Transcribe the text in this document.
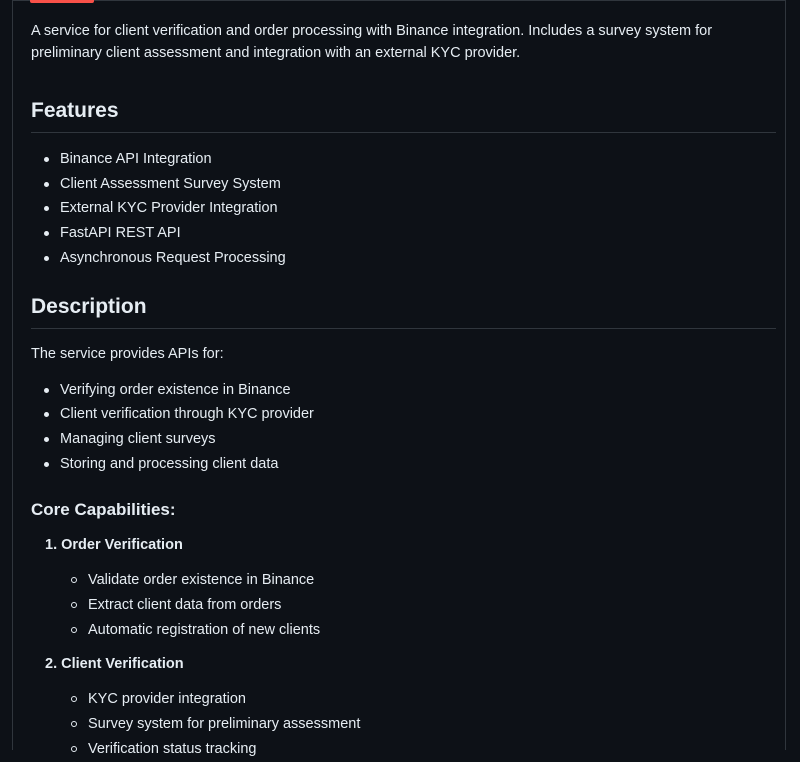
A service for client verification and order processing with Binance integration. Includes a survey system for preliminary client assessment and integration with an external KYC provider.

Features
Binance API Integration
Client Assessment Survey System
External KYC Provider Integration
FastAPI REST API
Asynchronous Request Processing
Description

The service provides APIs for:

Verifying order existence in Binance
Client verification through KYC provider
Managing client surveys
Storing and processing client data
Core Capabilities:
1. Order Verification
Validate order existence in Binance
Extract client data from orders
Automatic registration of new clients
2. Client Verification
KYC provider integration
Survey system for preliminary assessment
Verification status tracking
